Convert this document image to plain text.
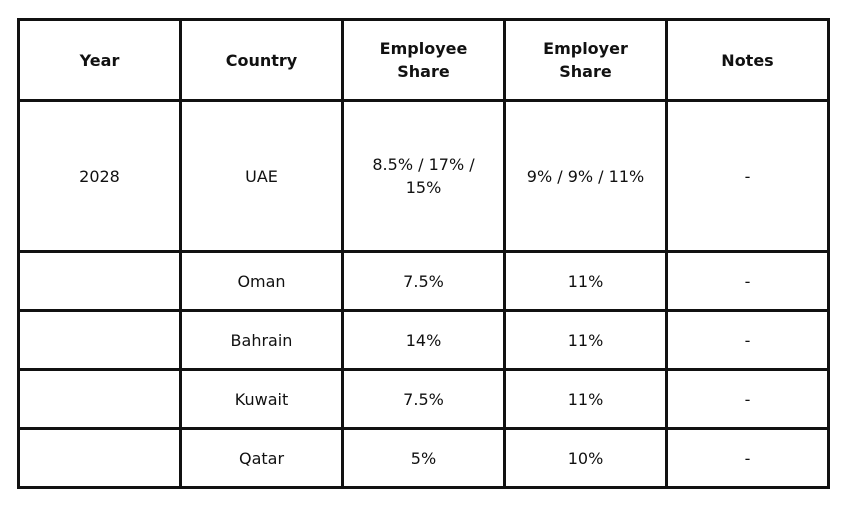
Year	Country	Employee Share	Employer Share	Notes
2028	UAE	8.5% / 17% / 15%	9% / 9% / 11%	-
	Oman	7.5%	11%	-
	Bahrain	14%	11%	-
	Kuwait	7.5%	11%	-
	Qatar	5%	10%	-
